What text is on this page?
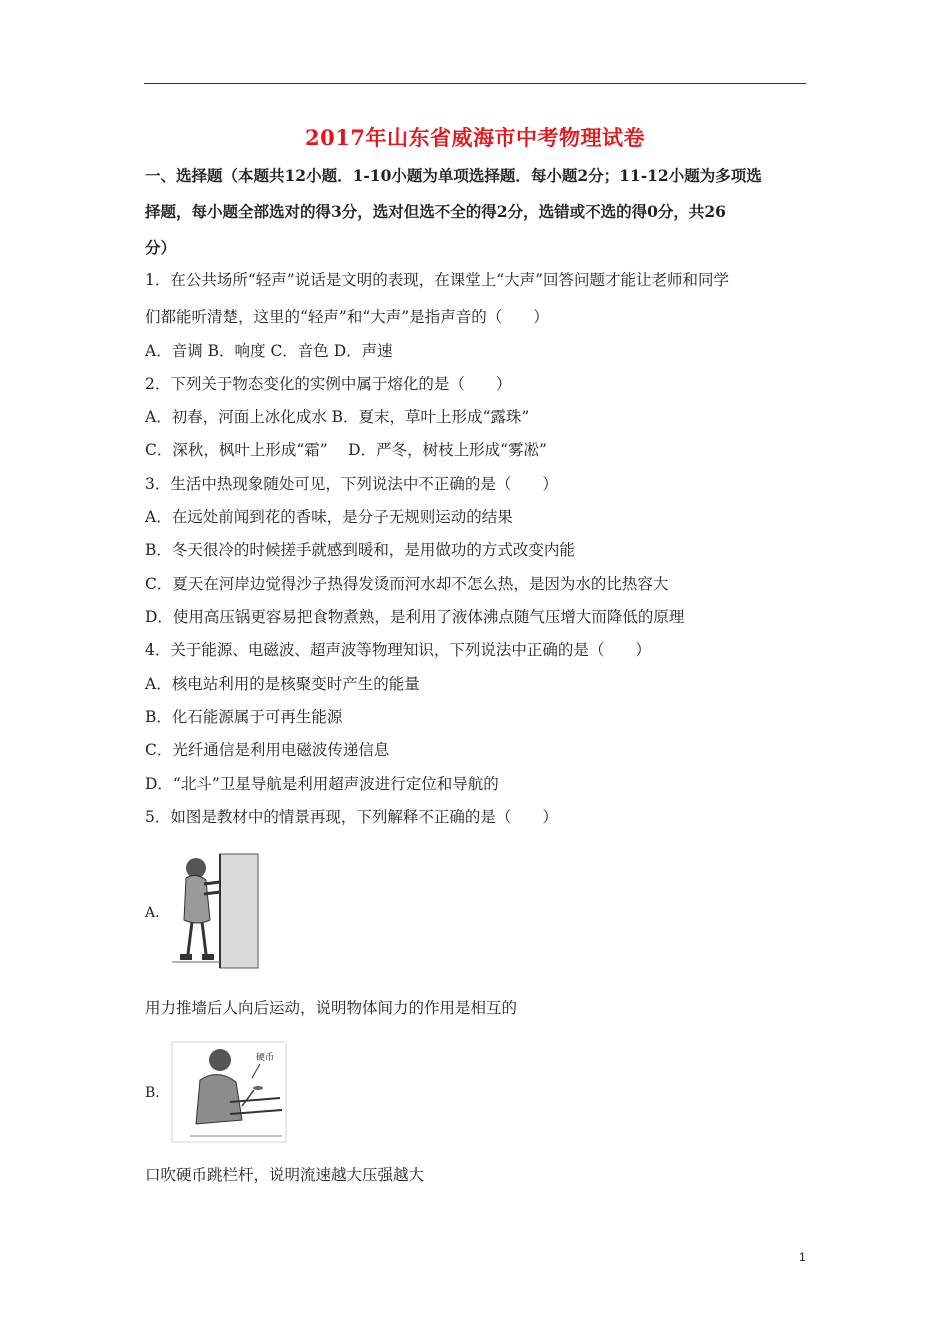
2017年山东省威海市中考物理试卷
一、选择题（本题共12小题．1-10小题为单项选择题．每小题2分；11-12小题为多项选
择题，每小题全部选对的得3分，选对但选不全的得2分，选错或不选的得0分，共26
分）
1．在公共场所“轻声”说话是文明的表现，在课堂上“大声”回答问题才能让老师和同学
们都能听清楚，这里的“轻声”和“大声”是指声音的（　　）
A．音调 B．响度 C．音色 D．声速
2．下列关于物态变化的实例中属于熔化的是（　　）
A．初春，河面上冰化成水 B．夏末，草叶上形成“露珠”
C．深秋，枫叶上形成“霜”　 D．严冬，树枝上形成“雾凇”
3．生活中热现象随处可见，下列说法中不正确的是（　　）
A．在远处前闻到花的香味，是分子无规则运动的结果
B．冬天很冷的时候搓手就感到暖和，是用做功的方式改变内能
C．夏天在河岸边觉得沙子热得发烫而河水却不怎么热，是因为水的比热容大
D．使用高压锅更容易把食物煮熟，是利用了液体沸点随气压增大而降低的原理
4．关于能源、电磁波、超声波等物理知识，下列说法中正确的是（　　）
A．核电站利用的是核聚变时产生的能量
B．化石能源属于可再生能源
C．光纤通信是利用电磁波传递信息
D．“北斗”卫星导航是利用超声波进行定位和导航的
5．如图是教材中的情景再现，下列解释不正确的是（　　）
A.
用力推墙后人向后运动，说明物体间力的作用是相互的
B.
硬币
口吹硬币跳栏杆，说明流速越大压强越大
1
